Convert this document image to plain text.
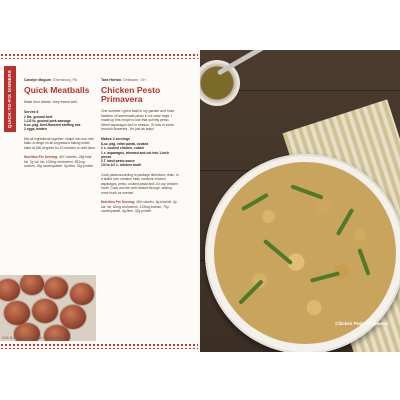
QUICK-TO-FIX DINNERS	Carolyn Magure, Ebensburg, PA
Quick Meatballs
Make from ahead...they freeze well.
Serves 6
2 lbs. ground beef
1-1/2 lb. ground pork sausage
6-oz. pkg. beef-flavored stuffing mix
2 eggs, beaten
Mix all ingredients together; shape into one-inch balls. Arrange on an ungreased baking sheet; bake at 350 degrees for 20 minutes or until done.
Nutrition Per Serving: 467 calories, 28g total fat, 7g sat. fat, 102mg cholesterol, 851mg sodium, 26g carbohydrate, 0g fiber, 31g protein
Tara Horton, Delaware, OH
Chicken Pesto Primavera
One summer I grew basil in my garden and froze batches of homemade pesto in ice cube trays. I made up this recipe to use that yummy pesto. When asparagus isn't in season, I'll toss in some broccoli flowerets...it's just as tasty!
Makes 4 servings
8-oz. pkg. rotini pasta, cooked
2 c. cooked chicken, cubed
1 c. asparagus, trimmed and cut into 1-inch pieces
2 T. basil pesto sauce
1/4 to 1/2 c. chicken broth
Cook pasta according to package directions; drain. In a skillet over medium heat, combine chicken, asparagus, pesto, cooked pasta and 1/4 cup chicken broth. Cook and stir until heated through, adding more broth as needed.
Nutrition Per Serving: 499 calories, 9g total fat, 2g sat. fat, 62mg cholesterol, 133mg sodium, 70g carbohydrate, 4g fiber, 32g protein
206 5-Ingredient Fresh Family Recipes
Chicken Pesto Primavera
